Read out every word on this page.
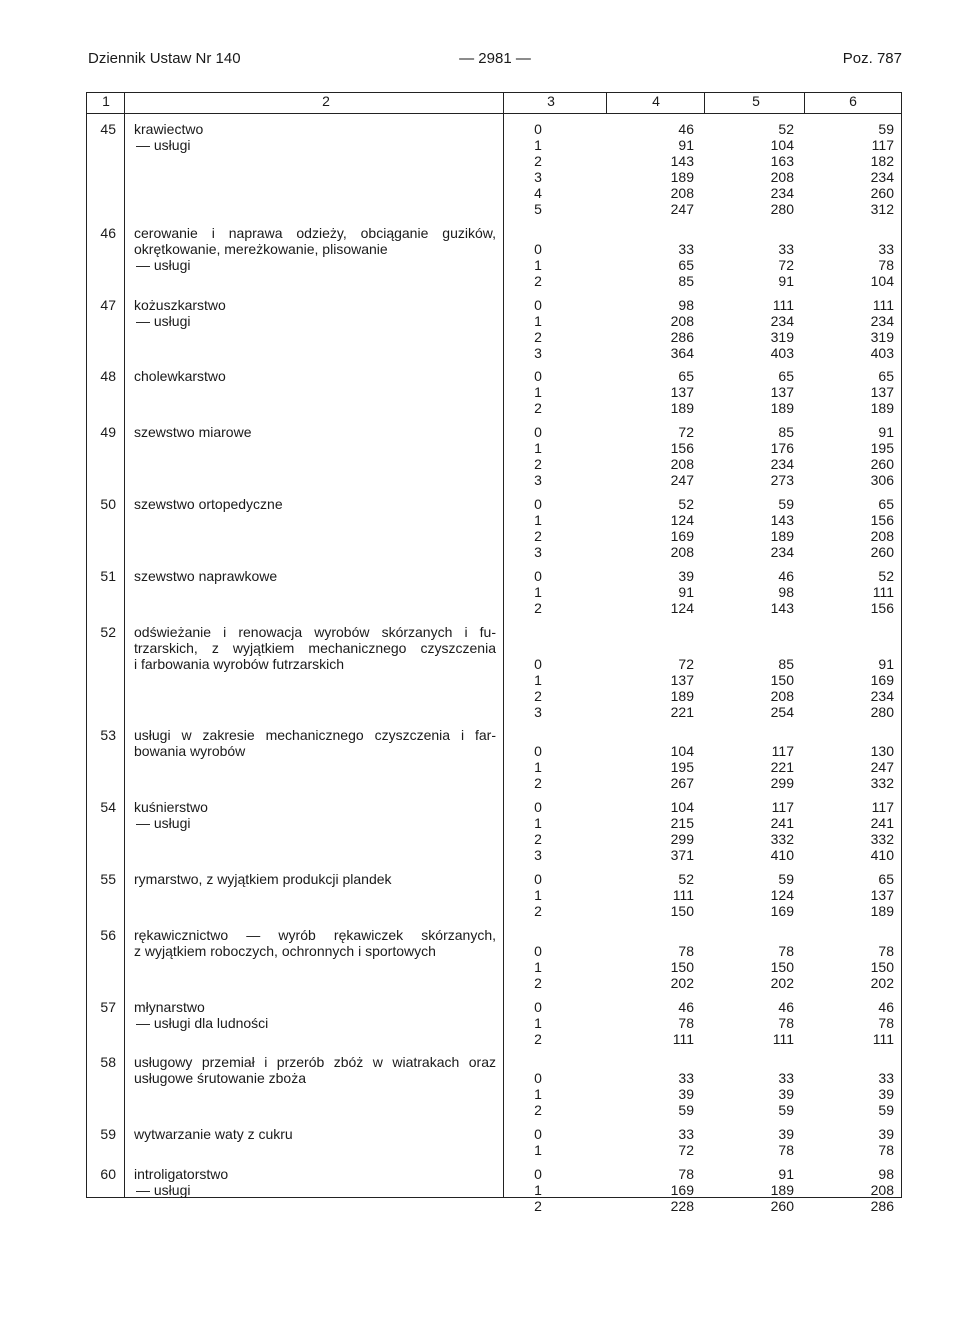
Dziennik Ustaw Nr 140	— 2981 —	Poz. 787
1	2	3	4	5	6
45 krawiectwo
— usługi
0	46	52	59
1	91	104	117
2	143	163	182
3	189	208	234
4	208	234	260
5	247	280	312
46 cerowanie i naprawa odzieży, obciąganie guzików,
okrętkowanie, mereżkowanie, plisowanie
— usługi
0	33	33	33
1	65	72	78
2	85	91	104
47 kożuszkarstwo
— usługi
0	98	111	111
1	208	234	234
2	286	319	319
3	364	403	403
48 cholewkarstwo	0	65	65	65
1	137	137	137
2	189	189	189
49 szewstwo miarowe	0	72	85	91
1	156	176	195
2	208	234	260
3	247	273	306
50 szewstwo ortopedyczne	0	52	59	65
1	124	143	156
2	169	189	208
3	208	234	260
51 szewstwo naprawkowe	0	39	46	52
1	91	98	111
2	124	143	156
52 odświeżanie i renowacja wyrobów skórzanych i fu-
trzarskich, z wyjątkiem mechanicznego czyszczenia
i farbowania wyrobów futrzarskich	0	72	85	91
1	137	150	169
2	189	208	234
3	221	254	280
53 usługi w zakresie mechanicznego czyszczenia i far-
bowania wyrobów	0	104	117	130
1	195	221	247
2	267	299	332
54 kuśnierstwo
— usługi
0	104	117	117
1	215	241	241
2	299	332	332
3	371	410	410
55 rymarstwo, z wyjątkiem produkcji plandek	0	52	59	65
1	111	124	137
2	150	169	189
56 rękawicznictwo — wyrób rękawiczek skórzanych,
z wyjątkiem roboczych, ochronnych i sportowych	0	78	78	78
1	150	150	150
2	202	202	202
57 młynarstwo
— usługi dla ludności
0	46	46	46
1	78	78	78
2	111	111	111
58 usługowy przemiał i przerób zbóż w wiatrakach oraz
usługowe śrutowanie zboża	0	33	33	33
1	39	39	39
2	59	59	59
59 wytwarzanie waty z cukru	0	33	39	39
1	72	78	78
60 introligatorstwo
— usługi
0	78	91	98
1	169	189	208
2	228	260	286
